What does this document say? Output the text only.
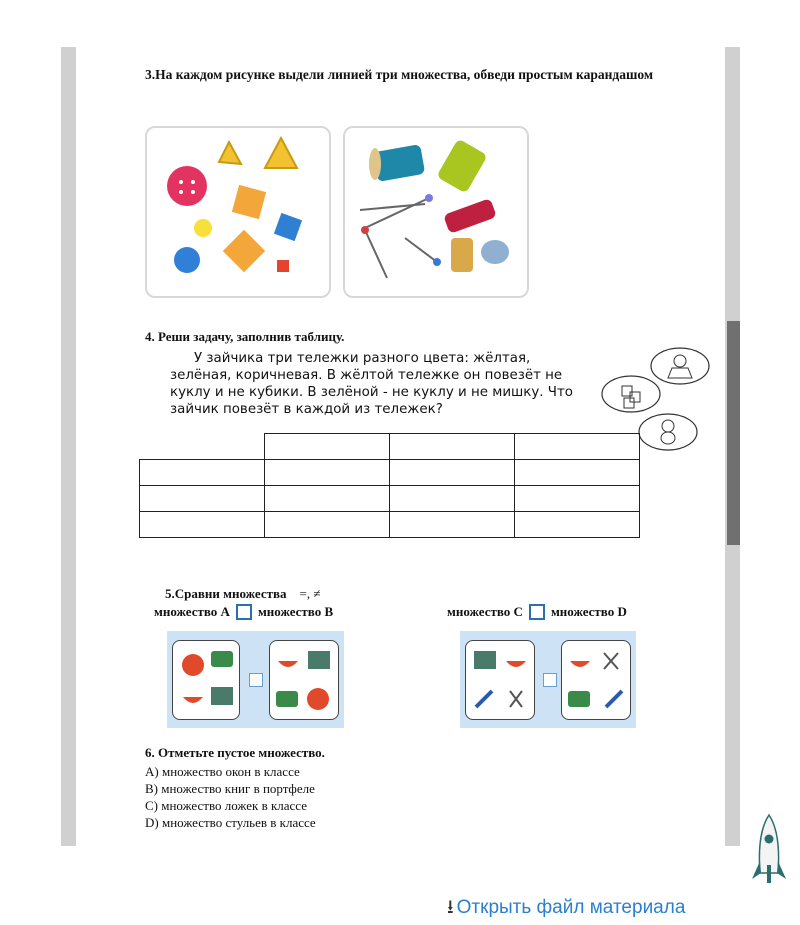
3.На каждом рисунке выдели линией три множества, обведи простым карандашом
4. Реши задачу, заполнив таблицу.
У зайчика три тележки разного цвета: жёлтая, зелёная, коричневая. В жёлтой тележке он повезёт не куклу и не кубики. В зелёной - не куклу и не мишку. Что зайчик повезёт в каждой из тележек?

5.Сравни множества =, ≠
множество А множество В	множество С множество D
6. Отметьте пустое множество.
А) множество окон в классе
В) множество книг в портфеле
С) множество ложек в классе
D) множество стульев в классе
⭳ Открыть файл материала
